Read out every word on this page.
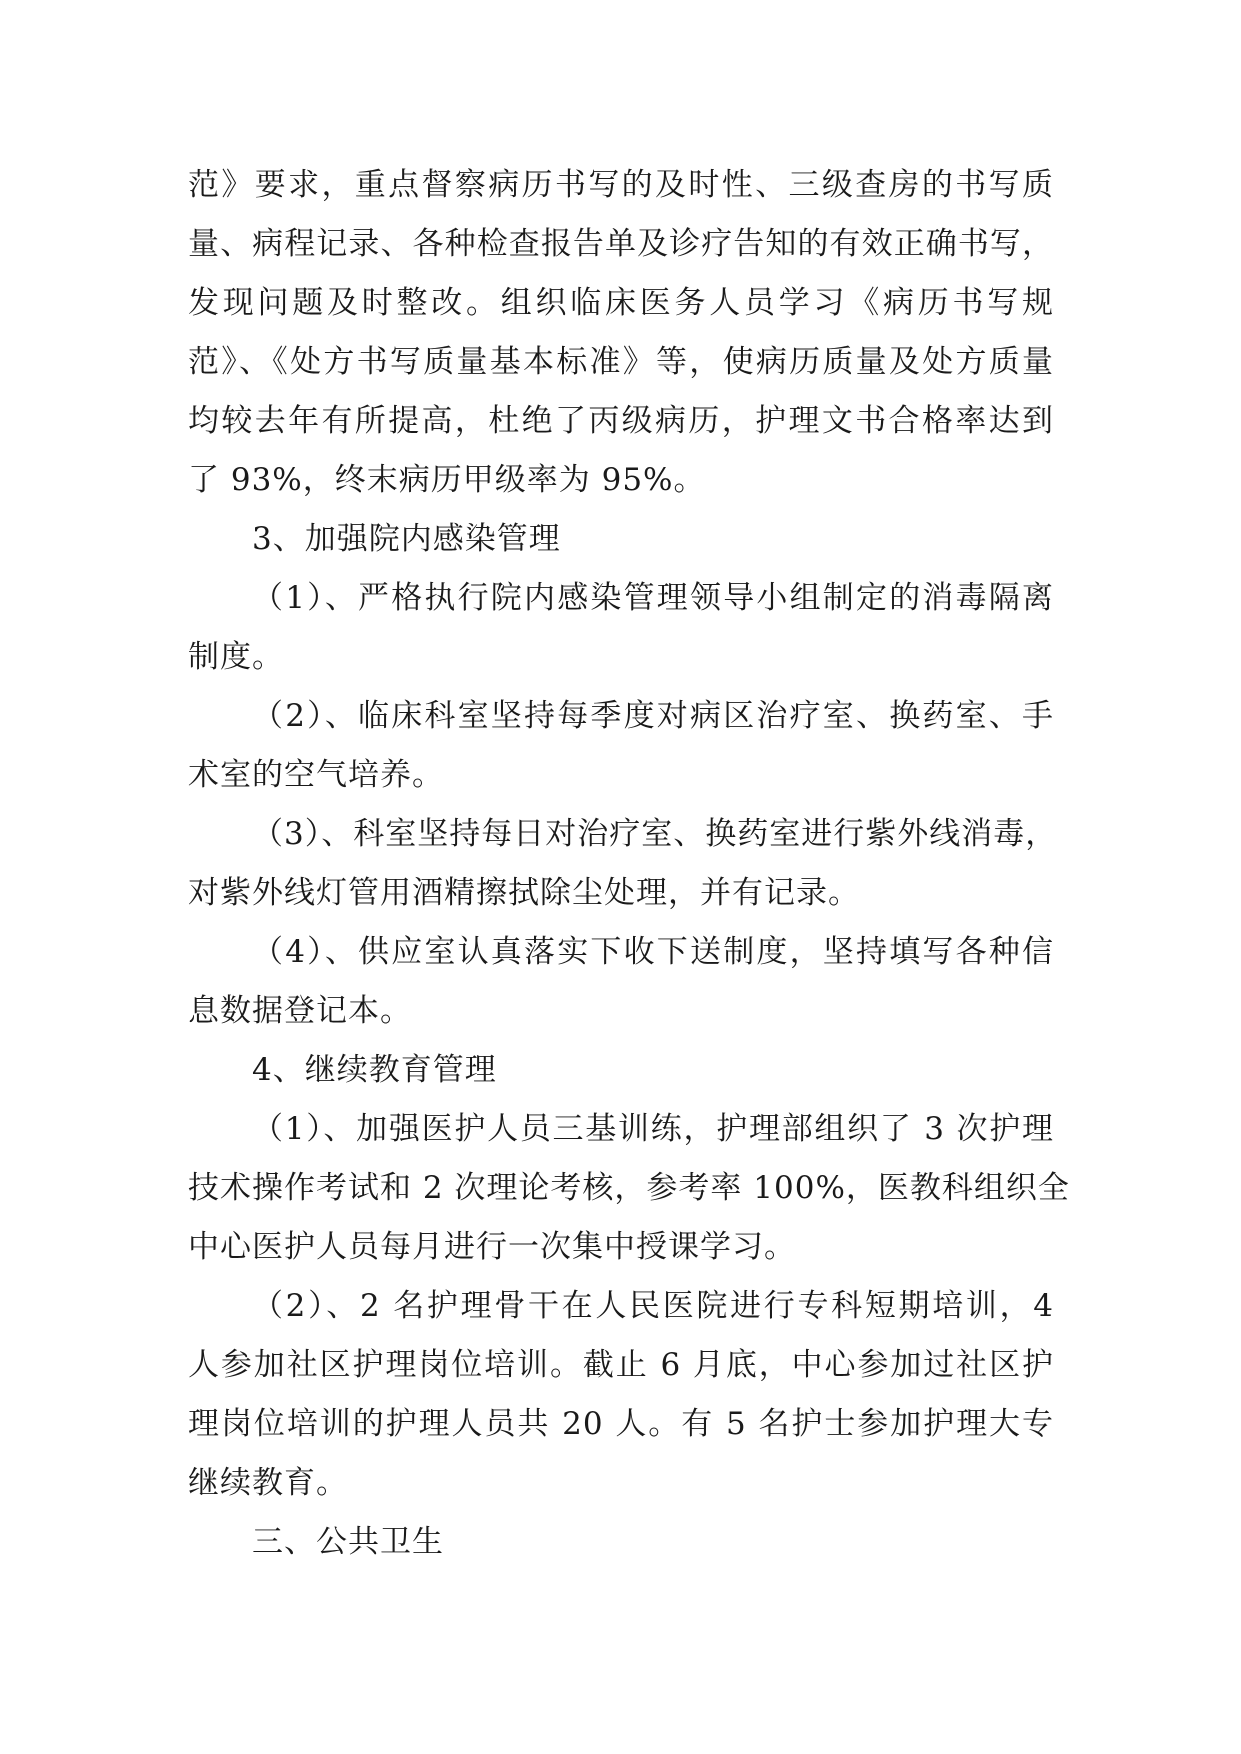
范》要求，重点督察病历书写的及时性、三级查房的书写质
量、病程记录、各种检查报告单及诊疗告知的有效正确书写，
发现问题及时整改。组织临床医务人员学习《病历书写规
范》、《处方书写质量基本标准》等，使病历质量及处方质量
均较去年有所提高，杜绝了丙级病历，护理文书合格率达到
了 93%，终末病历甲级率为 95%。
3、加强院内感染管理
（1）、严格执行院内感染管理领导小组制定的消毒隔离
制度。
（2）、临床科室坚持每季度对病区治疗室、换药室、手
术室的空气培养。
（3）、科室坚持每日对治疗室、换药室进行紫外线消毒，
对紫外线灯管用酒精擦拭除尘处理，并有记录。
（4）、供应室认真落实下收下送制度，坚持填写各种信
息数据登记本。
4、继续教育管理
（1）、加强医护人员三基训练，护理部组织了 3 次护理
技术操作考试和 2 次理论考核，参考率 100%，医教科组织全
中心医护人员每月进行一次集中授课学习。
（2）、2 名护理骨干在人民医院进行专科短期培训，4
人参加社区护理岗位培训。截止 6 月底，中心参加过社区护
理岗位培训的护理人员共 20 人。有 5 名护士参加护理大专
继续教育。
三、公共卫生
